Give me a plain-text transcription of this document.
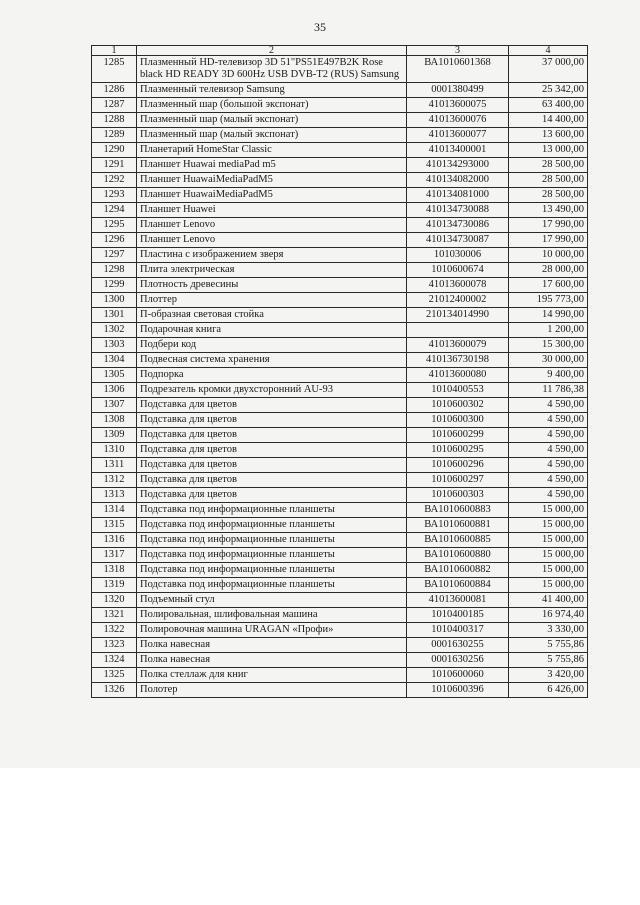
35
1	2	3	4
1285	Плазменный HD-телевизор 3D 51"PS51E497B2K Rose black HD READY 3D 600Hz USB DVB-T2 (RUS) Samsung	ВА1010601368	37 000,00
1286	Плазменный телевизор Samsung	0001380499	25 342,00
1287	Плазменный шар (большой экспонат)	41013600075	63 400,00
1288	Плазменный шар (малый экспонат)	41013600076	14 400,00
1289	Плазменный шар (малый экспонат)	41013600077	13 600,00
1290	Планетарий HomeStar Classic	41013400001	13 000,00
1291	Планшет Huawai mediaPad m5	410134293000	28 500,00
1292	Планшет HuawaiMediaPadM5	410134082000	28 500,00
1293	Планшет HuawaiMediaPadM5	410134081000	28 500,00
1294	Планшет Huawei	410134730088	13 490,00
1295	Планшет Lenovo	410134730086	17 990,00
1296	Планшет Lenovo	410134730087	17 990,00
1297	Пластина с изображением зверя	101030006	10 000,00
1298	Плита электрическая	1010600674	28 000,00
1299	Плотность древесины	41013600078	17 600,00
1300	Плоттер	21012400002	195 773,00
1301	П-образная световая стойка	210134014990	14 990,00
1302	Подарочная книга		1 200,00
1303	Подбери код	41013600079	15 300,00
1304	Подвесная система хранения	410136730198	30 000,00
1305	Подпорка	41013600080	9 400,00
1306	Подрезатель кромки двухсторонний AU-93	1010400553	11 786,38
1307	Подставка для цветов	1010600302	4 590,00
1308	Подставка для цветов	1010600300	4 590,00
1309	Подставка для цветов	1010600299	4 590,00
1310	Подставка для цветов	1010600295	4 590,00
1311	Подставка для цветов	1010600296	4 590,00
1312	Подставка для цветов	1010600297	4 590,00
1313	Подставка для цветов	1010600303	4 590,00
1314	Подставка под информационные планшеты	ВА1010600883	15 000,00
1315	Подставка под информационные планшеты	ВА1010600881	15 000,00
1316	Подставка под информационные планшеты	ВА1010600885	15 000,00
1317	Подставка под информационные планшеты	ВА1010600880	15 000,00
1318	Подставка под информационные планшеты	ВА1010600882	15 000,00
1319	Подставка под информационные планшеты	ВА1010600884	15 000,00
1320	Подъемный стул	41013600081	41 400,00
1321	Полировальная, шлифовальная машина	1010400185	16 974,40
1322	Полировочная машина URAGAN «Профи»	1010400317	3 330,00
1323	Полка навесная	0001630255	5 755,86
1324	Полка навесная	0001630256	5 755,86
1325	Полка стеллаж для книг	1010600060	3 420,00
1326	Полотер	1010600396	6 426,00
